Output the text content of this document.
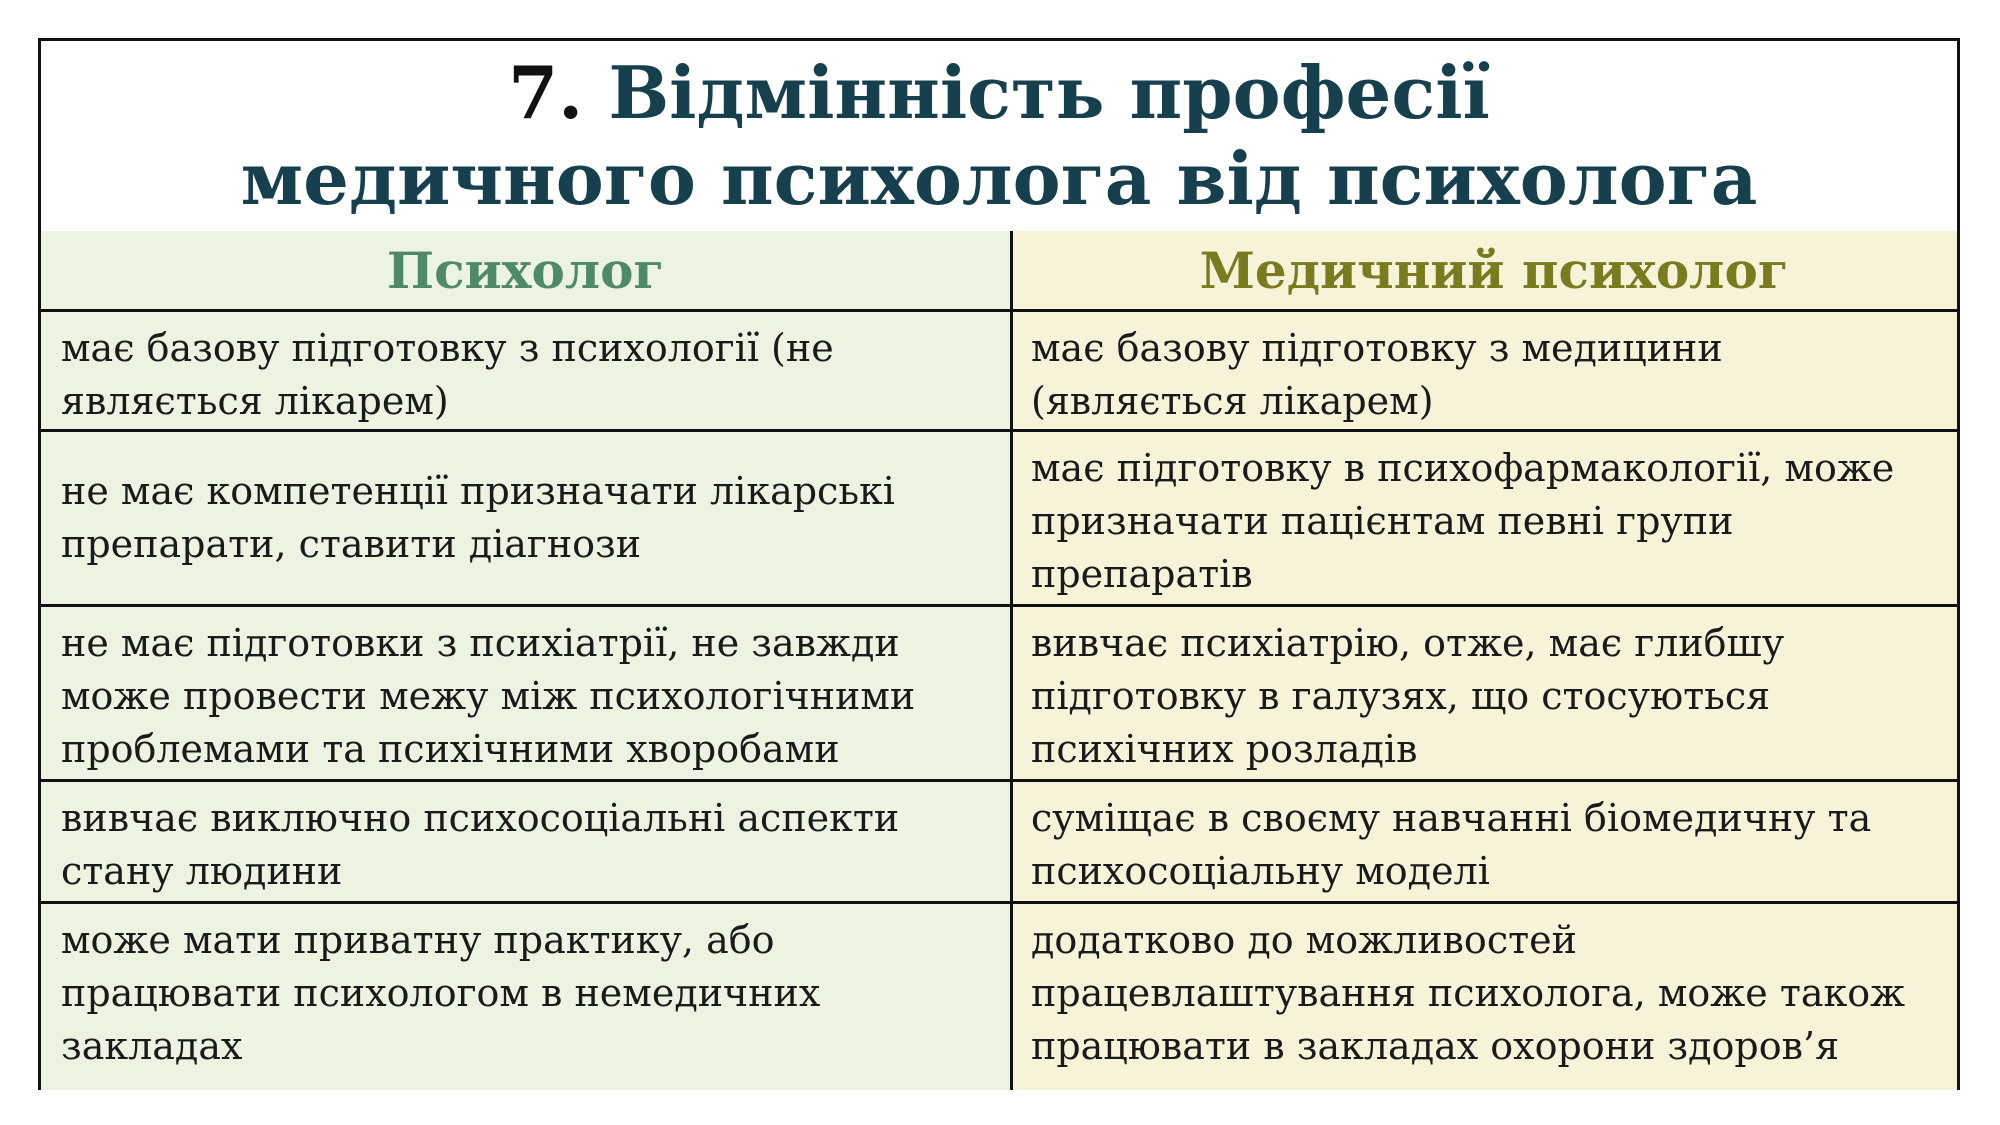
7. Відмінність професії
медичного психолога від психолога
Психолог	Медичний психолог
має базову підготовку з психології (не являється лікарем)
має базову підготовку з медицини (являється лікарем)
не має компетенції призначати лікарські препарати, ставити діагнози
має підготовку в психофармакології, може призначати пацієнтам певні групи препаратів
не має підготовки з психіатрії, не завжди може провести межу між психологічними проблемами та психічними хворобами
вивчає психіатрію, отже, має глибшу підготовку в галузях, що стосуються психічних розладів
вивчає виключно психосоціальні аспекти стану людини
суміщає в своєму навчанні біомедичну та психосоціальну моделі
може мати приватну практику, або працювати психологом в немедичних закладах
додатково до можливостей працевлаштування психолога, може також працювати в закладах охорони здоров’я
